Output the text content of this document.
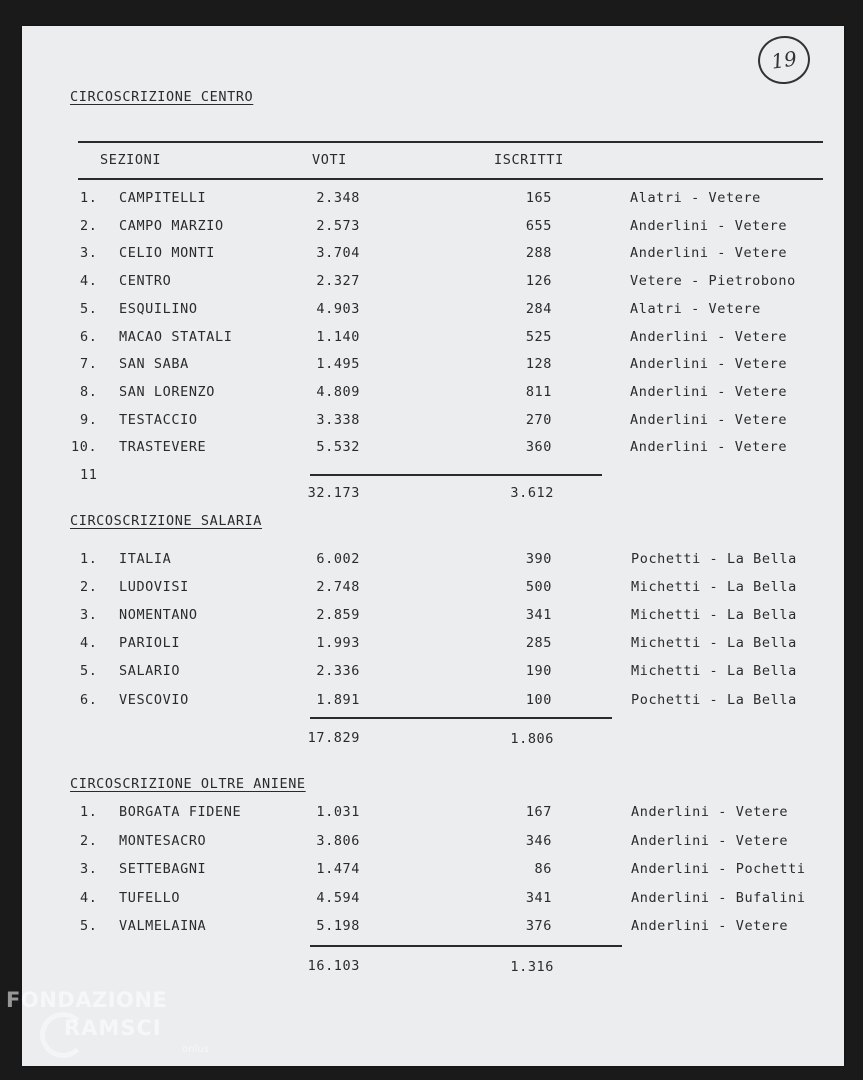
19
CIRCOSCRIZIONE CENTRO
SEZIONI	VOTI	ISCRITTI
1. CAMPITELLI	2.348	165	Alatri - Vetere
2. CAMPO MARZIO	2.573	655	Anderlini - Vetere
3. CELIO MONTI	3.704	288	Anderlini - Vetere
4. CENTRO	2.327	126	Vetere - Pietrobono
5. ESQUILINO	4.903	284	Alatri - Vetere
6. MACAO STATALI	1.140	525	Anderlini - Vetere
7. SAN SABA	1.495	128	Anderlini - Vetere
8. SAN LORENZO	4.809	811	Anderlini - Vetere
9. TESTACCIO	3.338	270	Anderlini - Vetere
10. TRASTEVERE	5.532	360	Anderlini - Vetere
11
32.173	3.612
CIRCOSCRIZIONE SALARIA
1. ITALIA	6.002	390	Pochetti - La Bella
2. LUDOVISI	2.748	500	Michetti - La Bella
3. NOMENTANO	2.859	341	Michetti - La Bella
4. PARIOLI	1.993	285	Michetti - La Bella
5. SALARIO	2.336	190	Michetti - La Bella
6. VESCOVIO	1.891	100	Pochetti - La Bella
17.829	1.806
CIRCOSCRIZIONE OLTRE ANIENE
1. BORGATA FIDENE	1.031	167	Anderlini - Vetere
2. MONTESACRO	3.806	346	Anderlini - Vetere
3. SETTEBAGNI	1.474	86	Anderlini - Pochetti
4. TUFELLO	4.594	341	Anderlini - Bufalini
5. VALMELAINA	5.198	376	Anderlini - Vetere
16.103	1.316
FONDAZIONE
RAMSCI
onlus
